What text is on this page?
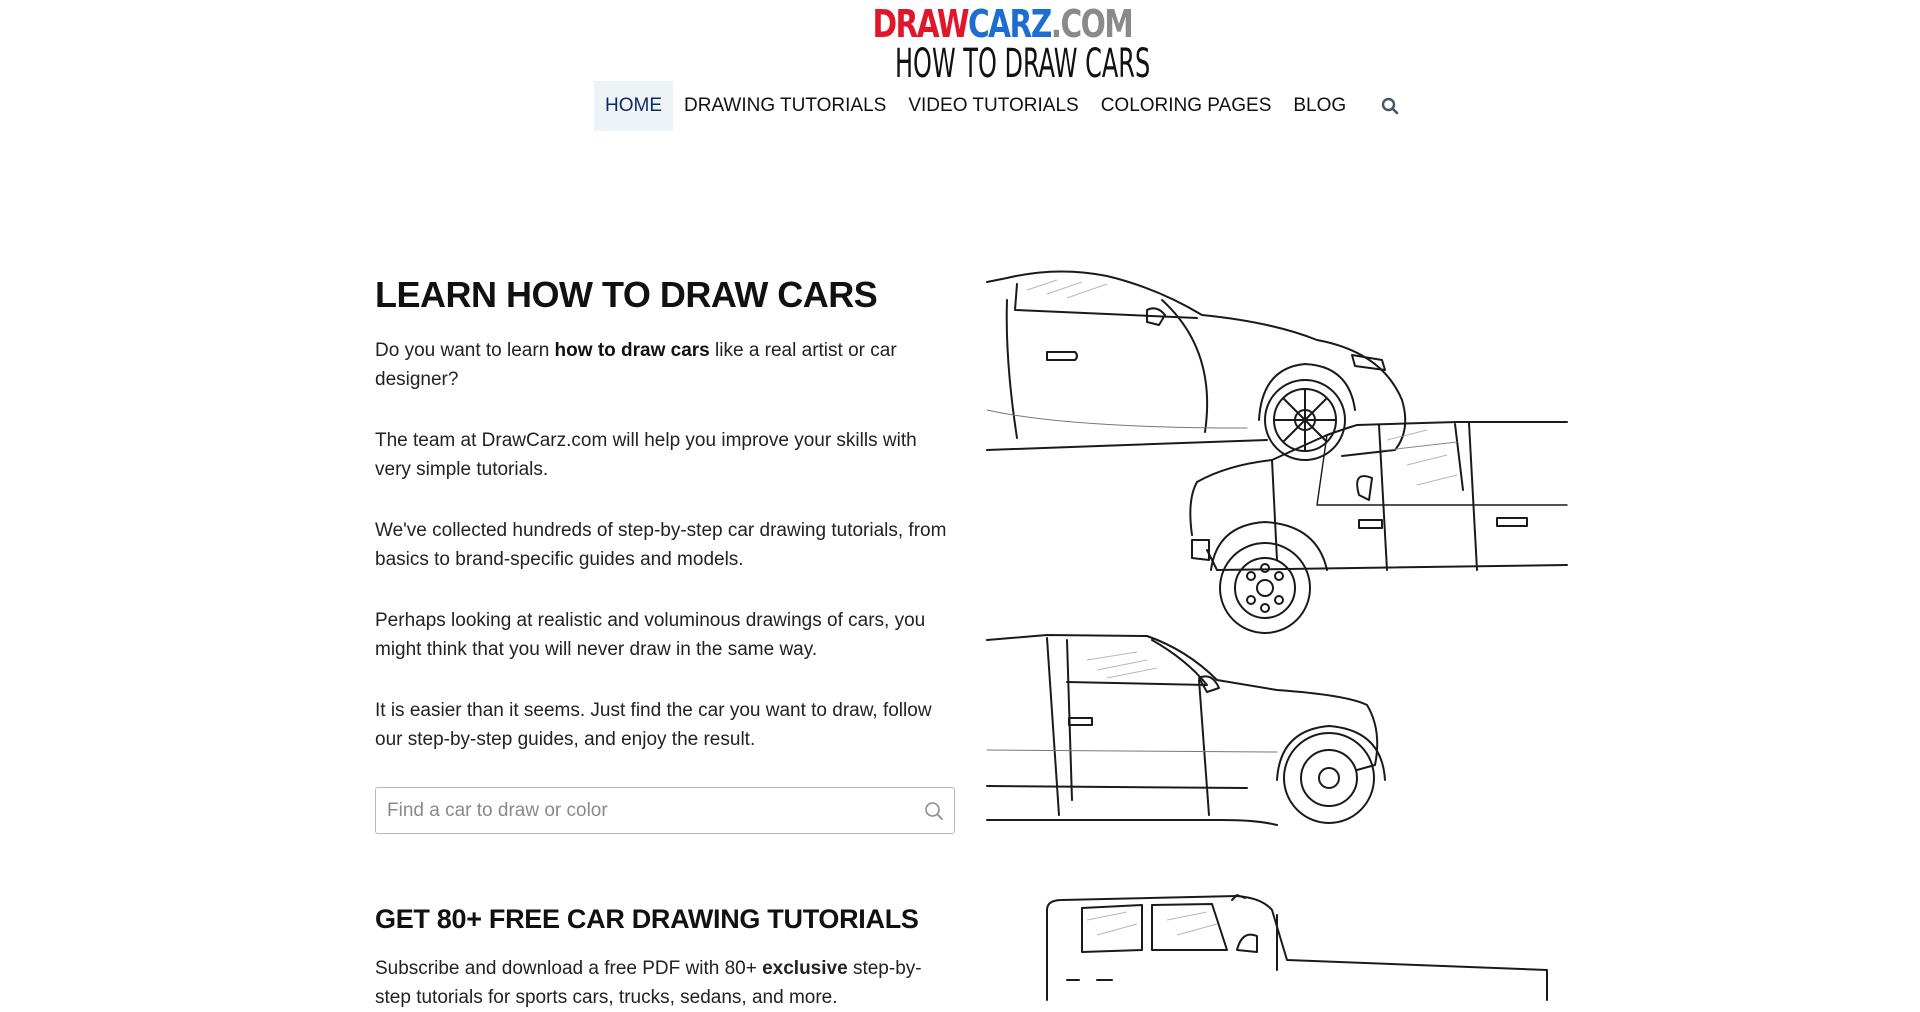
DRAWCARZ.COM
HOW TO DRAW CARS
HOME	DRAWING TUTORIALS	VIDEO TUTORIALS	COLORING PAGES	BLOG
LEARN HOW TO DRAW CARS

Do you want to learn how to draw cars like a real artist or car designer?

The team at DrawCarz.com will help you improve your skills with very simple tutorials.

We've collected hundreds of step-by-step car drawing tutorials, from basics to brand-specific guides and models.

Perhaps looking at realistic and voluminous drawings of cars, you might think that you will never draw in the same way.

It is easier than it seems. Just find the car you want to draw, follow our step-by-step guides, and enjoy the result.

Find a car to draw or color
GET 80+ FREE CAR DRAWING TUTORIALS

Subscribe and download a free PDF with 80+ exclusive step-by-step tutorials for sports cars, trucks, sedans, and more.
